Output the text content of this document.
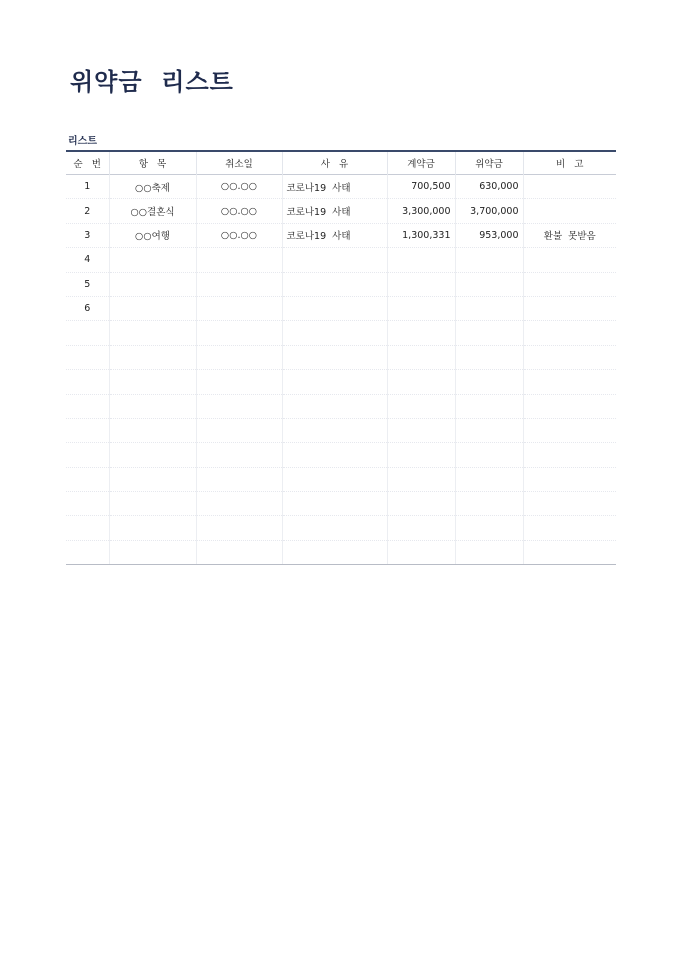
위약금  리스트
리스트
순   번	항   목	취소일	사   유	계약금	위약금	비   고
1	○○축제	○○.○○	코로나19  사태	700,500	630,000	
2	○○결혼식	○○.○○	코로나19  사태	3,300,000	3,700,000	
3	○○여행	○○.○○	코로나19  사태	1,300,331	953,000	환불  못받음
4						
5						
6						
